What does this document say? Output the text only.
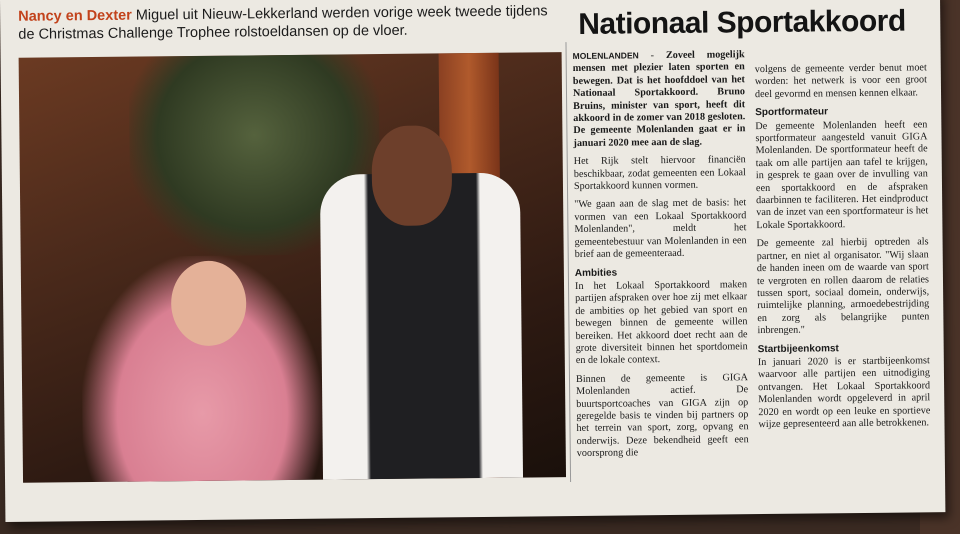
Nancy en Dexter Miguel uit Nieuw-Lekkerland werden vorige week tweede tijdens de Christmas Challenge Trophee rolstoeldansen op de vloer.	Nationaal Sportakkoord

MOLENLANDEN - Zoveel mogelijk mensen met plezier laten sporten en bewegen. Dat is het hoofddoel van het Nationaal Sportakkoord. Bruno Bruins, minister van sport, heeft dit akkoord in de zomer van 2018 gesloten. De gemeente Molenlanden gaat er in januari 2020 mee aan de slag.

Het Rijk stelt hiervoor financiën beschikbaar, zodat gemeenten een Lokaal Sportakkoord kunnen vormen.

"We gaan aan de slag met de basis: het vormen van een Lokaal Sportakkoord Molenlanden", meldt het gemeentebestuur van Molenlanden in een brief aan de gemeenteraad.

Ambities

In het Lokaal Sportakkoord maken partijen afspraken over hoe zij met elkaar de ambities op het gebied van sport en bewegen binnen de gemeente willen bereiken. Het akkoord doet recht aan de grote diversiteit binnen het sportdomein en de lokale context.

Binnen de gemeente is GIGA Molenlanden actief. De buurtsportcoaches van GIGA zijn op geregelde basis te vinden bij partners op het terrein van sport, zorg, opvang en onderwijs. Deze bekendheid geeft een voorsprong die

volgens de gemeente verder benut moet worden: het netwerk is voor een groot deel gevormd en mensen kennen elkaar.

Sportformateur

De gemeente Molenlanden heeft een sportformateur aangesteld vanuit GIGA Molenlanden. De sportformateur heeft de taak om alle partijen aan tafel te krijgen, in gesprek te gaan over de invulling van een sportakkoord en de afspraken daarbinnen te faciliteren. Het eindproduct van de inzet van een sportformateur is het Lokale Sportakkoord.

De gemeente zal hierbij optreden als partner, en niet al organisator. "Wij slaan de handen ineen om de waarde van sport te vergroten en rollen daarom de relaties tussen sport, sociaal domein, onderwijs, ruimtelijke planning, armoedebestrijding en zorg als belangrijke punten inbrengen."

Startbijeenkomst

In januari 2020 is er startbijeenkomst waarvoor alle partijen een uitnodiging ontvangen. Het Lokaal Sportakkoord Molenlanden wordt opgeleverd in april 2020 en wordt op een leuke en sportieve wijze gepresenteerd aan alle betrokkenen.
